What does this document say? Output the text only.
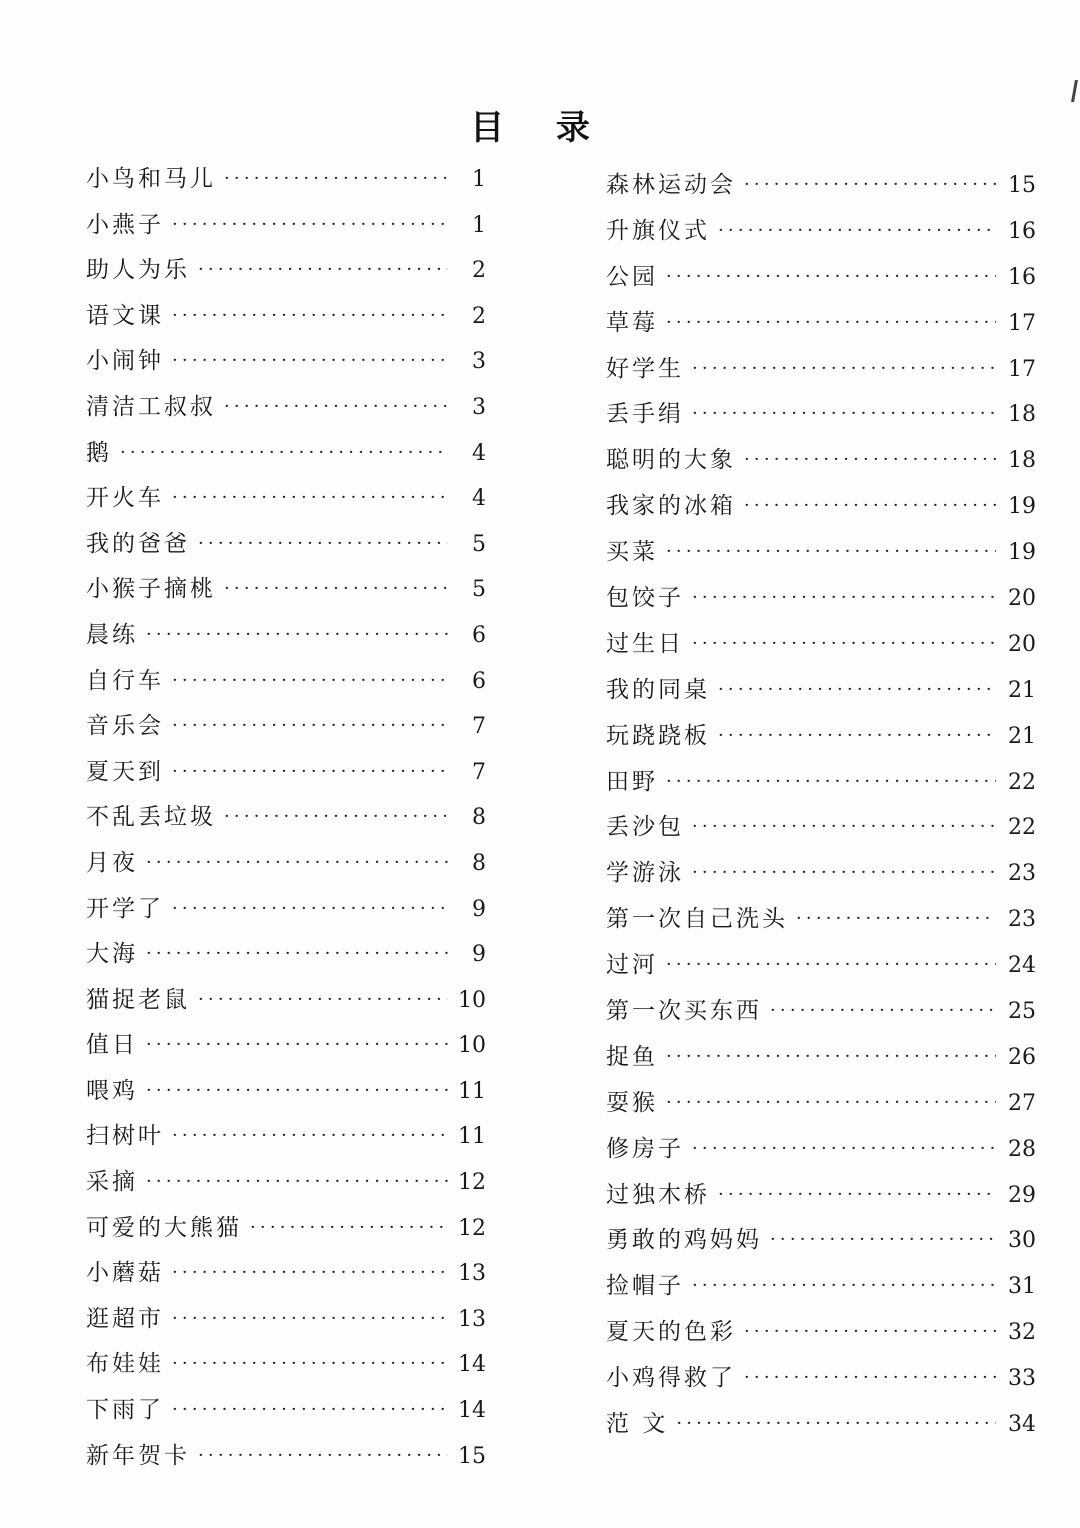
目 录
小鸟和马儿 ·····	1
小燕子 ·····	1
助人为乐 ·····	2
语文课 ·····	2
小闹钟 ·····	3
清洁工叔叔 ·····	3
鹅 ·····	4
开火车 ·····	4
我的爸爸 ·····	5
小猴子摘桃 ·····	5
晨练 ·····	6
自行车 ·····	6
音乐会 ·····	7
夏天到 ·····	7
不乱丢垃圾 ·····	8
月夜 ·····	8
开学了 ·····	9
大海 ·····	9
猫捉老鼠 ·····	10
值日 ·····	10
喂鸡 ·····	11
扫树叶 ·····	11
采摘 ·····	12
可爱的大熊猫 ·····	12
小蘑菇 ·····	13
逛超市 ·····	13
布娃娃 ·····	14
下雨了 ·····	14
新年贺卡 ·····	15
森林运动会 ·····	15
升旗仪式 ·····	16
公园 ·····	16
草莓 ·····	17
好学生 ·····	17
丢手绢 ·····	18
聪明的大象 ·····	18
我家的冰箱 ·····	19
买菜 ·····	19
包饺子 ·····	20
过生日 ·····	20
我的同桌 ·····	21
玩跷跷板 ·····	21
田野 ·····	22
丢沙包 ·····	22
学游泳 ·····	23
第一次自己洗头 ·····	23
过河 ·····	24
第一次买东西 ·····	25
捉鱼 ·····	26
耍猴 ·····	27
修房子 ·····	28
过独木桥 ·····	29
勇敢的鸡妈妈 ·····	30
捡帽子 ·····	31
夏天的色彩 ·····	32
小鸡得救了 ·····	33
范 文 ·····	34
